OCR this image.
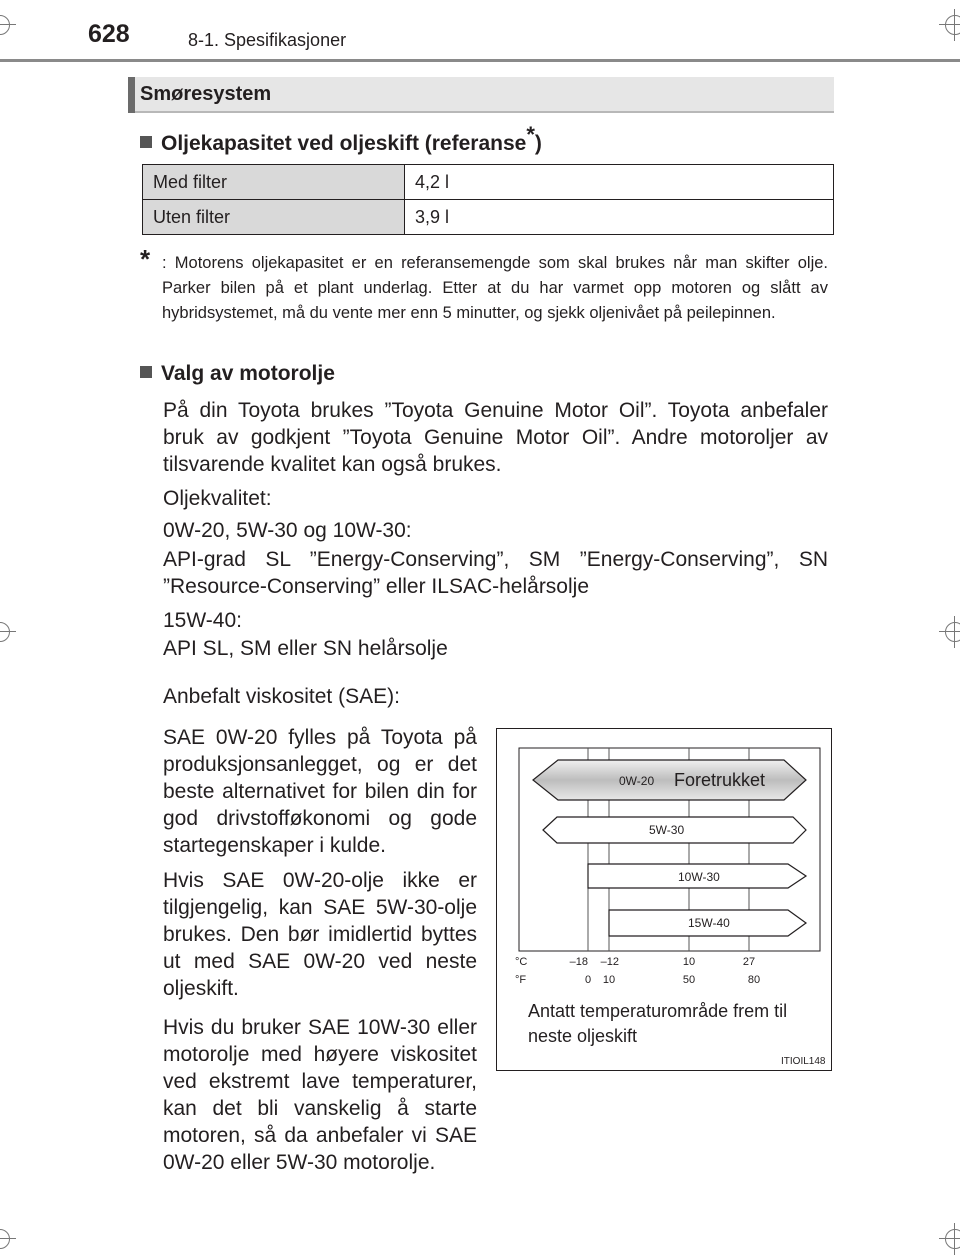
628	8-1. Spesifikasjoner
Smøresystem
Oljekapasitet ved oljeskift (referanse*)
Med filter	4,2 l
Uten filter	3,9 l
* : Motorens oljekapasitet er en referansemengde som skal brukes når man skifter olje. Parker bilen på et plant underlag. Etter at du har varmet opp motoren og slått av hybridsystemet, må du vente mer enn 5 minutter, og sjekk oljenivået på peilepinnen.
Valg av motorolje
På din Toyota brukes ”Toyota Genuine Motor Oil”. Toyota anbefaler bruk av godkjent ”Toyota Genuine Motor Oil”. Andre motoroljer av tilsvarende kvalitet kan også brukes.
Oljekvalitet:
0W-20, 5W-30 og 10W-30:
API-grad SL ”Energy-Conserving”, SM ”Energy-Conserving”, SN ”Resource-Conserving” eller ILSAC-helårsolje
15W-40:
API SL, SM eller SN helårsolje
Anbefalt viskositet (SAE):
SAE 0W-20 fylles på Toyota på produksjonsanlegget, og er det beste alternativet for bilen din for god drivstofføkonomi og gode startegenskaper i kulde.
Hvis SAE 0W-20-olje ikke er tilgjengelig, kan SAE 5W-30-olje brukes. Den bør imidlertid byttes ut med SAE 0W-20 ved neste oljeskift.
Hvis du bruker SAE 10W-30 eller motorolje med høyere viskositet ved ekstremt lave temperaturer, kan det bli vanskelig å starte motoren, så da anbefaler vi SAE 0W-20 eller 5W-30 motorolje.
0W-20 Foretrukket
5W-30
10W-30
15W-40
°C
°F
–18 –12	10	27
0 10	50	80
Antatt temperaturområde frem til neste oljeskift
ITIOIL148
